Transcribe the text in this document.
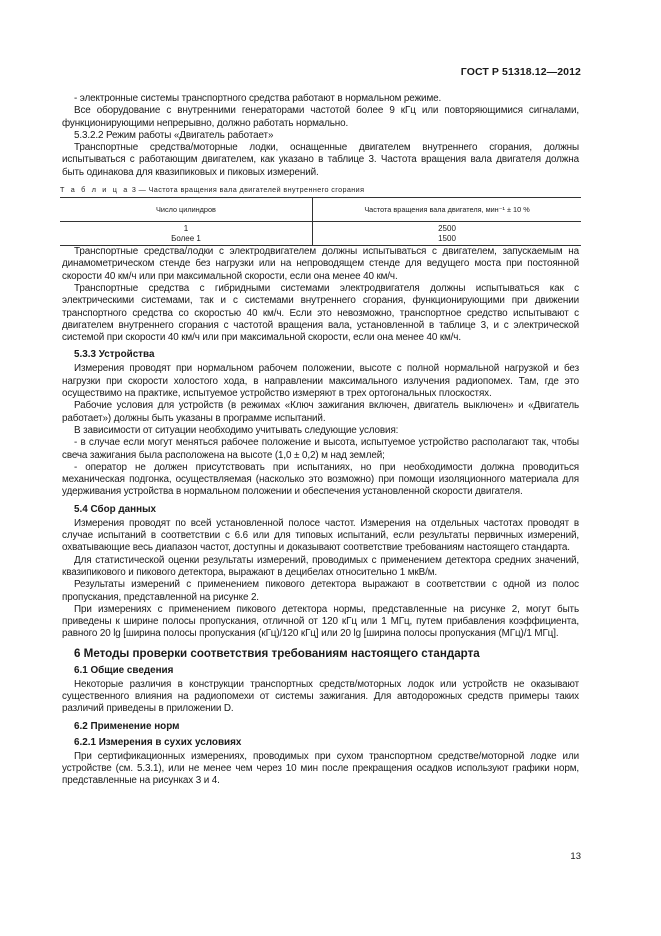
ГОСТ Р 51318.12—2012

- электронные системы транспортного средства работают в нормальном режиме.

Все оборудование с внутренними генераторами частотой более 9 кГц или повторяющимися сигналами, функционирующими непрерывно, должно работать нормально.

5.3.2.2 Режим работы «Двигатель работает»

Транспортные средства/моторные лодки, оснащенные двигателем внутреннего сгорания, должны испытываться с работающим двигателем, как указано в таблице 3. Частота вращения вала двигателя должна быть одинакова для квазипиковых и пиковых измерений.

Т а б л и ц а 3 — Частота вращения вала двигателей внутреннего сгорания
Число цилиндров	Частота вращения вала двигателя, мин⁻¹ ± 10 %
1	2500
Более 1	1500

Транспортные средства/лодки с электродвигателем должны испытываться с двигателем, запускаемым на динамометрическом стенде без нагрузки или на непроводящем стенде для ведущего моста при постоянной скорости 40 км/ч или при максимальной скорости, если она менее 40 км/ч.

Транспортные средства с гибридными системами электродвигателя должны испытываться как с электрическими системами, так и с системами внутреннего сгорания, функционирующими при движении транспортного средства со скоростью 40 км/ч. Если это невозможно, транспортное средство испытывают с двигателем внутреннего сгорания с частотой вращения вала, установленной в таблице 3, и с электрической системой при скорости 40 км/ч или при максимальной скорости, если она менее 40 км/ч.

5.3.3 Устройства

Измерения проводят при нормальном рабочем положении, высоте с полной нормальной нагрузкой и без нагрузки при скорости холостого хода, в направлении максимального излучения радиопомех. Там, где это осуществимо на практике, испытуемое устройство измеряют в трех ортогональных плоскостях.

Рабочие условия для устройств (в режимах «Ключ зажигания включен, двигатель выключен» и «Двигатель работает») должны быть указаны в программе испытаний.

В зависимости от ситуации необходимо учитывать следующие условия:

- в случае если могут меняться рабочее положение и высота, испытуемое устройство располагают так, чтобы свеча зажигания была расположена на высоте (1,0 ± 0,2) м над землей;

- оператор не должен присутствовать при испытаниях, но при необходимости должна проводиться механическая подгонка, осуществляемая (насколько это возможно) при помощи изоляционного материала для удерживания устройства в нормальном положении и обеспечения установленной скорости двигателя.

5.4 Сбор данных

Измерения проводят по всей установленной полосе частот. Измерения на отдельных частотах проводят в случае испытаний в соответствии с 6.6 или для типовых испытаний, если результаты первичных измерений, охватывающие весь диапазон частот, доступны и доказывают соответствие требованиям настоящего стандарта.

Для статистической оценки результаты измерений, проводимых с применением детектора средних значений, квазипикового и пикового детектора, выражают в децибелах относительно 1 мкВ/м.

Результаты измерений с применением пикового детектора выражают в соответствии с одной из полос пропускания, представленной на рисунке 2.

При измерениях с применением пикового детектора нормы, представленные на рисунке 2, могут быть приведены к ширине полосы пропускания, отличной от 120 кГц или 1 МГц, путем прибавления коэффициента, равного 20 lg [ширина полосы пропускания (кГц)/120 кГц] или 20 lg [ширина полосы пропускания (МГц)/1 МГц].

6 Методы проверки соответствия требованиям настоящего стандарта
6.1 Общие сведения

Некоторые различия в конструкции транспортных средств/моторных лодок или устройств не оказывают существенного влияния на радиопомехи от системы зажигания. Для автодорожных средств примеры таких различий приведены в приложении D.

6.2 Применение норм
6.2.1 Измерения в сухих условиях

При сертификационных измерениях, проводимых при сухом транспортном средстве/моторной лодке или устройстве (см. 5.3.1), или не менее чем через 10 мин после прекращения осадков используют графики норм, представленные на рисунках 3 и 4.

13
